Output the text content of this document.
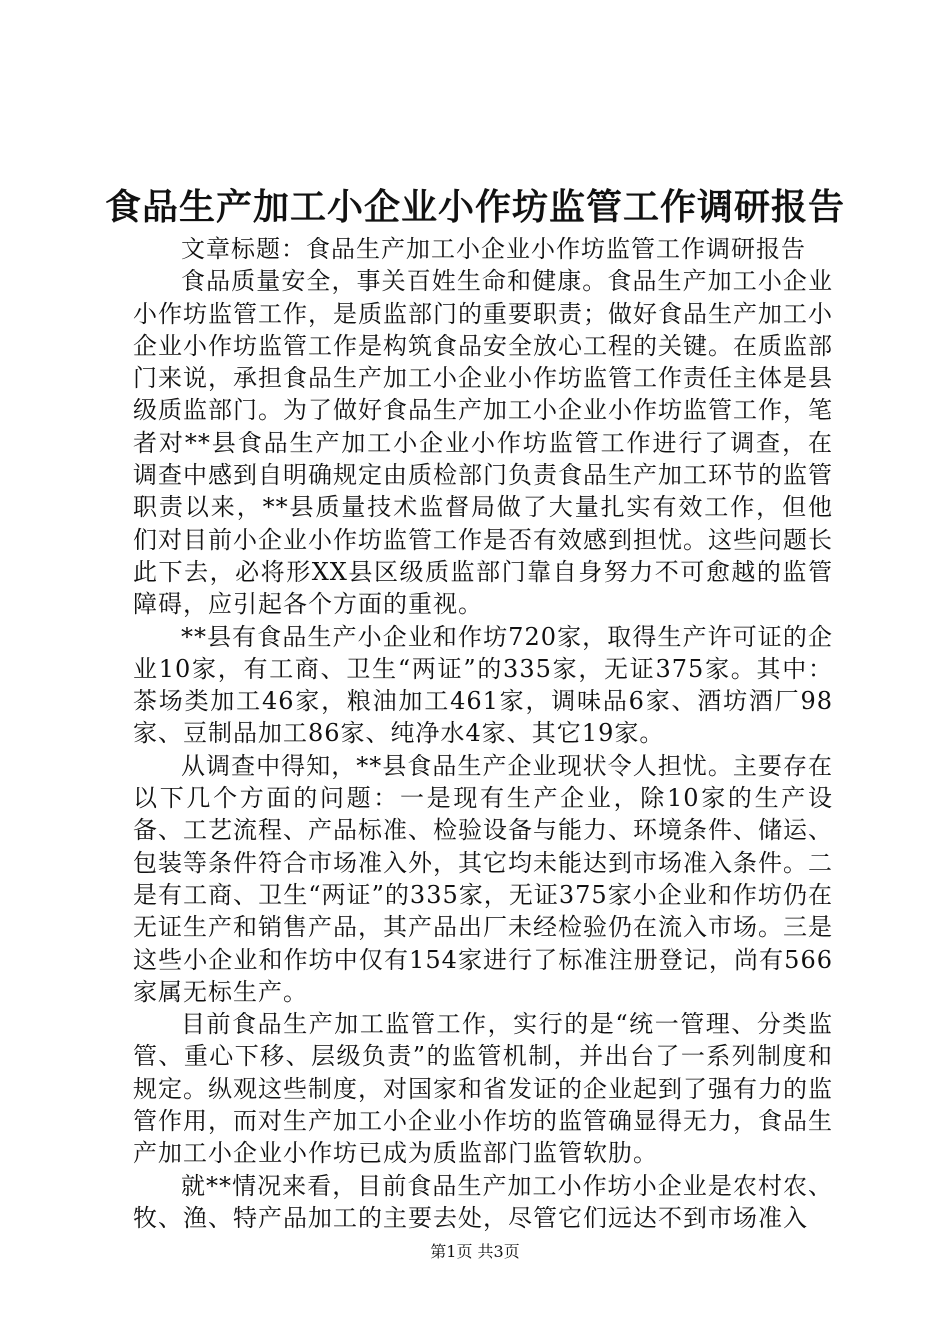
食品生产加工小企业小作坊监管工作调研报告

文章标题：食品生产加工小企业小作坊监管工作调研报告

食品质量安全，事关百姓生命和健康。食品生产加工小企业小作坊监管工作，是质监部门的重要职责；做好食品生产加工小企业小作坊监管工作是构筑食品安全放心工程的关键。在质监部门来说，承担食品生产加工小企业小作坊监管工作责任主体是县级质监部门。为了做好食品生产加工小企业小作坊监管工作，笔者对**县食品生产加工小企业小作坊监管工作进行了调查，在调查中感到自明确规定由质检部门负责食品生产加工环节的监管职责以来，**县质量技术监督局做了大量扎实有效工作，但他们对目前小企业小作坊监管工作是否有效感到担忧。这些问题长此下去，必将形XX县区级质监部门靠自身努力不可愈越的监管障碍，应引起各个方面的重视。

**县有食品生产小企业和作坊720家，取得生产许可证的企业10家，有工商、卫生“两证”的335家，无证375家。其中：茶场类加工46家，粮油加工461家，调味品6家、酒坊酒厂98家、豆制品加工86家、纯净水4家、其它19家。

从调查中得知，**县食品生产企业现状令人担忧。主要存在以下几个方面的问题：一是现有生产企业，除10家的生产设备、工艺流程、产品标准、检验设备与能力、环境条件、储运、包装等条件符合市场准入外，其它均未能达到市场准入条件。二是有工商、卫生“两证”的335家，无证375家小企业和作坊仍在无证生产和销售产品，其产品出厂未经检验仍在流入市场。三是这些小企业和作坊中仅有154家进行了标准注册登记，尚有566家属无标生产。

目前食品生产加工监管工作，实行的是“统一管理、分类监管、重心下移、层级负责”的监管机制，并出台了一系列制度和规定。纵观这些制度，对国家和省发证的企业起到了强有力的监管作用，而对生产加工小企业小作坊的监管确显得无力，食品生产加工小企业小作坊已成为质监部门监管软肋。

就**情况来看，目前食品生产加工小作坊小企业是农村农、牧、渔、特产品加工的主要去处，尽管它们远达不到市场准入

第1页 共3页
